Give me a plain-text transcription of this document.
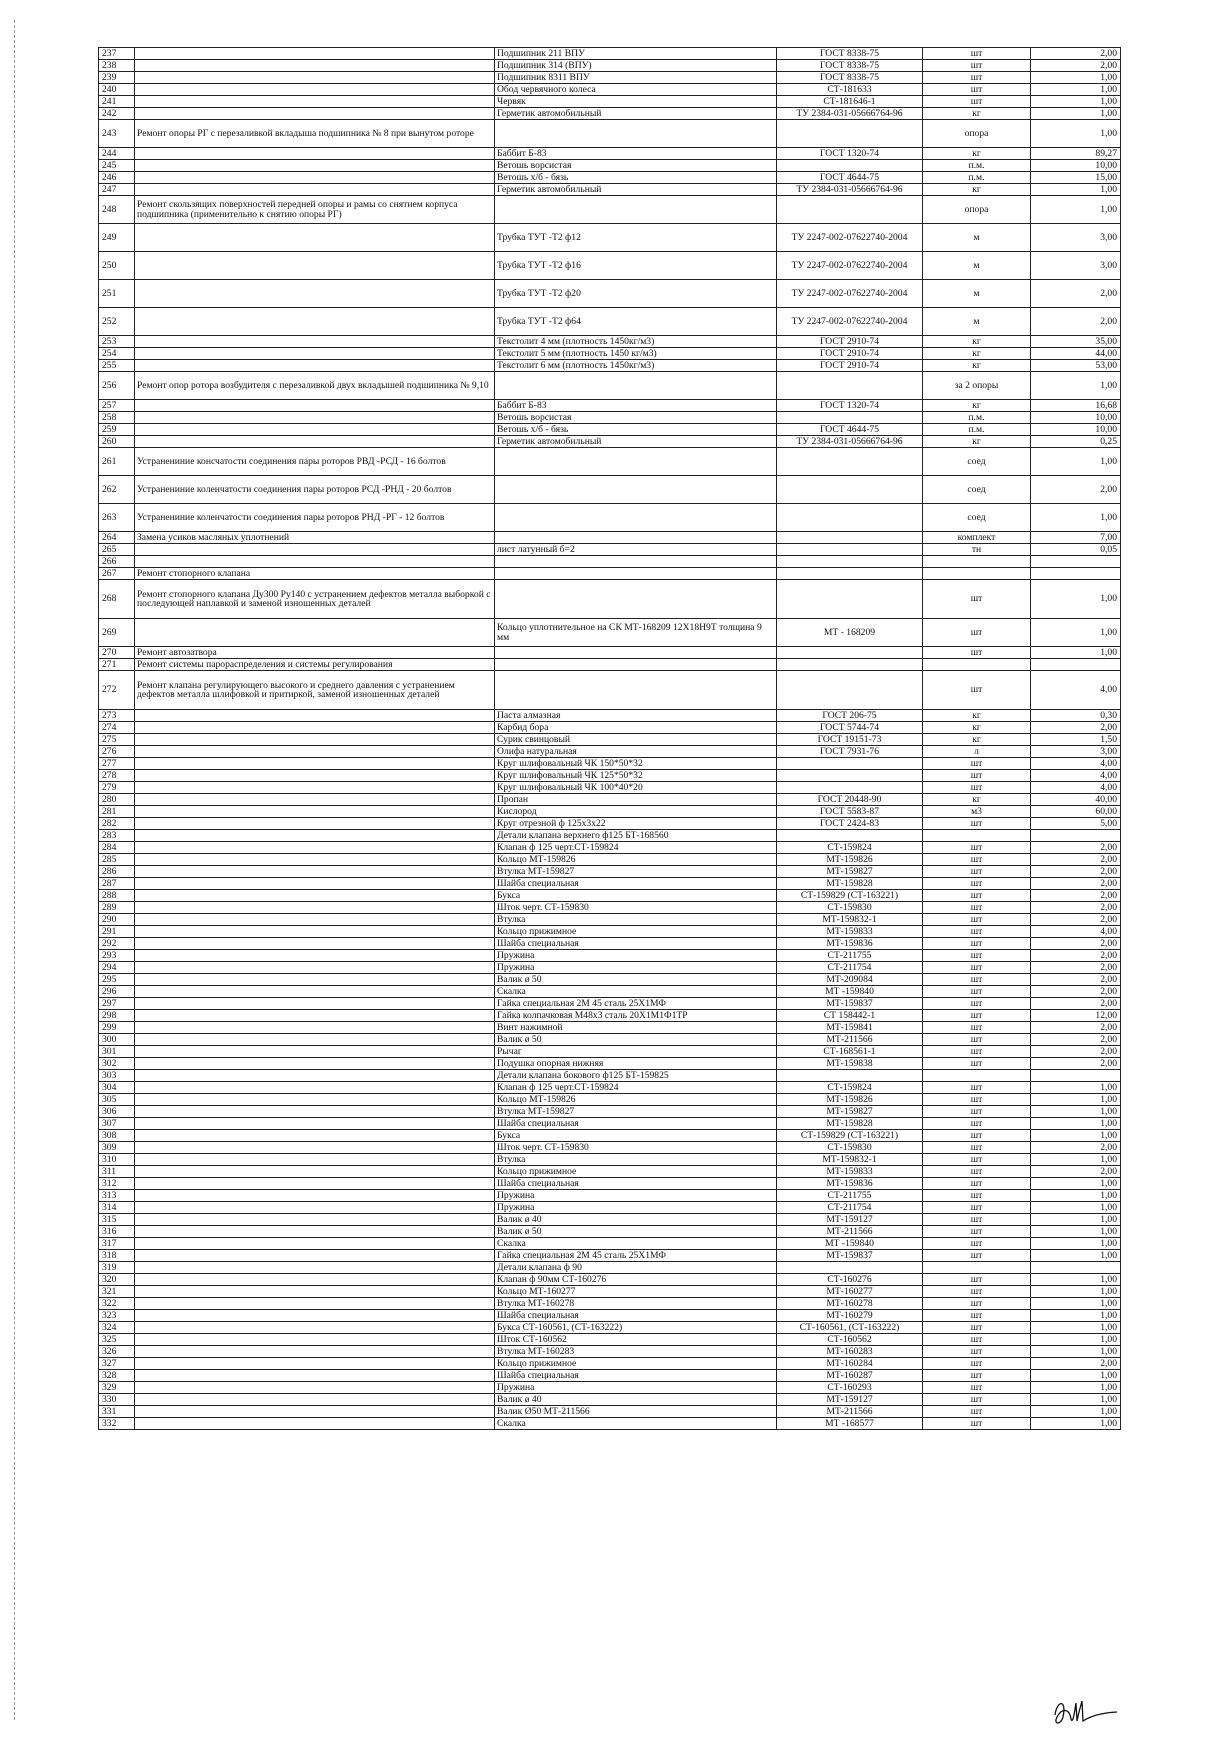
237		Подшипник 211 ВПУ	ГОСТ 8338-75	шт	2,00
238		Подшипник 314 (ВПУ)	ГОСТ 8338-75	шт	2,00
239		Подшипник 8311 ВПУ	ГОСТ 8338-75	шт	1,00
240		Обод червячного колеса	СТ-181633	шт	1,00
241		Червяк	СТ-181646-1	шт	1,00
242		Герметик автомобильный	ТУ 2384-031-05666764-96	кг	1,00
243	Ремонт опоры РГ с перезаливкой вкладыша подшипника № 8 при вынутом роторе			опора	1,00
244		Баббит Б-83	ГОСТ 1320-74	кг	89,27
245		Ветошь ворсистая		п.м.	10,00
246		Ветошь х/б - бязь	ГОСТ 4644-75	п.м.	15,00
247		Герметик автомобильный	ТУ 2384-031-05666764-96	кг	1,00
248	Ремонт скользящих поверхностей передней опоры и рамы со снятием корпуса подшипника (применительно к снятию опоры РГ)			опора	1,00
249		Трубка ТУТ -Т2 ф12	ТУ 2247-002-07622740-2004	м	3,00
250		Трубка ТУТ -Т2 ф16	ТУ 2247-002-07622740-2004	м	3,00
251		Трубка ТУТ -Т2 ф20	ТУ 2247-002-07622740-2004	м	2,00
252		Трубка ТУТ -Т2 ф64	ТУ 2247-002-07622740-2004	м	2,00
253		Текстолит 4 мм (плотность 1450кг/м3)	ГОСТ 2910-74	кг	35,00
254		Текстолит 5 мм (плотность 1450 кг/м3)	ГОСТ 2910-74	кг	44,00
255		Текстолит 6 мм (плотность 1450кг/м3)	ГОСТ 2910-74	кг	53,00
256	Ремонт опор ротора возбудителя с перезаливкой двух вкладышей подшипника № 9,10			за 2 опоры	1,00
257		Баббит Б-83	ГОСТ 1320-74	кг	16,68
258		Ветошь ворсистая		п.м.	10,00
259		Ветошь х/б - бязь	ГОСТ 4644-75	п.м.	10,00
260		Герметик автомобильный	ТУ 2384-031-05666764-96	кг	0,25
261	Устранениние консчатости соединения пары роторов РВД -РСД - 16 болтов			соед	1,00
262	Устранениние коленчатости соединения пары роторов РСД -РНД - 20 болтов			соед	2,00
263	Устранениние коленчатости соединения пары роторов РНД -РГ - 12 болтов			соед	1,00
264	Замена усиков масляных уплотнений			комплект	7,00
265		лист латунный б=2		тн	0,05
266					
267	Ремонт стопорного клапана				
268	Ремонт стопорного клапана Ду300 Ру140 с устранением дефектов металла выборкой с последующей наплавкой и заменой изношенных деталей			шт	1,00
269		Кольцо уплотнительное на СК МТ-168209 12Х18Н9Т толщина 9 мм	МТ - 168209	шт	1,00
270	Ремонт автозатвора			шт	1,00
271	Ремонт системы парораспределения и системы регулирования				
272	Ремонт клапана регулирующего высокого и среднего давления с устранением дефектов металла шлифовкой и притиркой, заменой изношенных деталей			шт	4,00
273		Паста алмазная	ГОСТ 206-75	кг	0,30
274		Карбид бора	ГОСТ 5744-74	кг	2,00
275		Сурик свинцовый	ГОСТ 19151-73	кг	1,50
276		Олифа натуральная	ГОСТ 7931-76	л	3,00
277		Круг шлифовальный ЧК 150*50*32		шт	4,00
278		Круг шлифовальный ЧК 125*50*32		шт	4,00
279		Круг шлифовальный ЧК 100*40*20		шт	4,00
280		Пропан	ГОСТ 20448-90	кг	40,00
281		Кислород	ГОСТ 5583-87	м3	60,00
282		Круг отрезной ф 125х3х22	ГОСТ 2424-83	шт	5,00
283		Детали клапана верхнего ф125 БТ-168560			
284		Клапан ф 125 черт.СТ-159824	СТ-159824	шт	2,00
285		Кольцо МТ-159826	МТ-159826	шт	2,00
286		Втулка МТ-159827	МТ-159827	шт	2,00
287		Шайба специальная	МТ-159828	шт	2,00
288		Букса	СТ-159829 (СТ-163221)	шт	2,00
289		Шток черт. СТ-159830	СТ-159830	шт	2,00
290		Втулка	МТ-159832-1	шт	2,00
291		Кольцо прижимное	МТ-159833	шт	4,00
292		Шайба специальная	МТ-159836	шт	2,00
293		Пружина	СТ-211755	шт	2,00
294		Пружина	СТ-211754	шт	2,00
295		Валик ø 50	МТ-209084	шт	2,00
296		Скалка	МТ -159840	шт	2,00
297		Гайка специальная 2М 45 сталь 25Х1МФ	МТ-159837	шт	2,00
298		Гайка колпачковая М48х3 сталь 20Х1М1Ф1ТР	СТ 158442-1	шт	12,00
299		Винт нажимной	МТ-159841	шт	2,00
300		Валик ø 50	МТ-211566	шт	2,00
301		Рычаг	СТ-168561-1	шт	2,00
302		Подушка опорная нижняя	МТ-159838	шт	2,00
303		Детали клапана бокового ф125 БТ-159825			
304		Клапан ф 125 черт.СТ-159824	СТ-159824	шт	1,00
305		Кольцо МТ-159826	МТ-159826	шт	1,00
306		Втулка МТ-159827	МТ-159827	шт	1,00
307		Шайба специальная	МТ-159828	шт	1,00
308		Букса	СТ-159829 (СТ-163221)	шт	1,00
309		Шток черт. СТ-159830	СТ-159830	шт	2,00
310		Втулка	МТ-159832-1	шт	1,00
311		Кольцо прижимное	МТ-159833	шт	2,00
312		Шайба специальная	МТ-159836	шт	1,00
313		Пружина	СТ-211755	шт	1,00
314		Пружина	СТ-211754	шт	1,00
315		Валик ø 40	МТ-159127	шт	1,00
316		Валик ø 50	МТ-211566	шт	1,00
317		Скалка	МТ -159840	шт	1,00
318		Гайка специальная 2М 45 сталь 25Х1МФ	МТ-159837	шт	1,00
319		Детали клапана ф 90			
320		Клапан ф 90мм СТ-160276	СТ-160276	шт	1,00
321		Кольцо МТ-160277	МТ-160277	шт	1,00
322		Втулка МТ-160278	МТ-160278	шт	1,00
323		Шайба специальная	МТ-160279	шт	1,00
324		Букса СТ-160561, (СТ-163222)	СТ-160561, (СТ-163222)	шт	1,00
325		Шток СТ-160562	СТ-160562	шт	1,00
326		Втулка МТ-160283	МТ-160283	шт	1,00
327		Кольцо прижимное	МТ-160284	шт	2,00
328		Шайба специальная	МТ-160287	шт	1,00
329		Пружина	СТ-160293	шт	1,00
330		Валик ø 40	МТ-159127	шт	1,00
331		Валик Ø50 МТ-211566	МТ-211566	шт	1,00
332		Скалка	МТ -168577	шт	1,00
